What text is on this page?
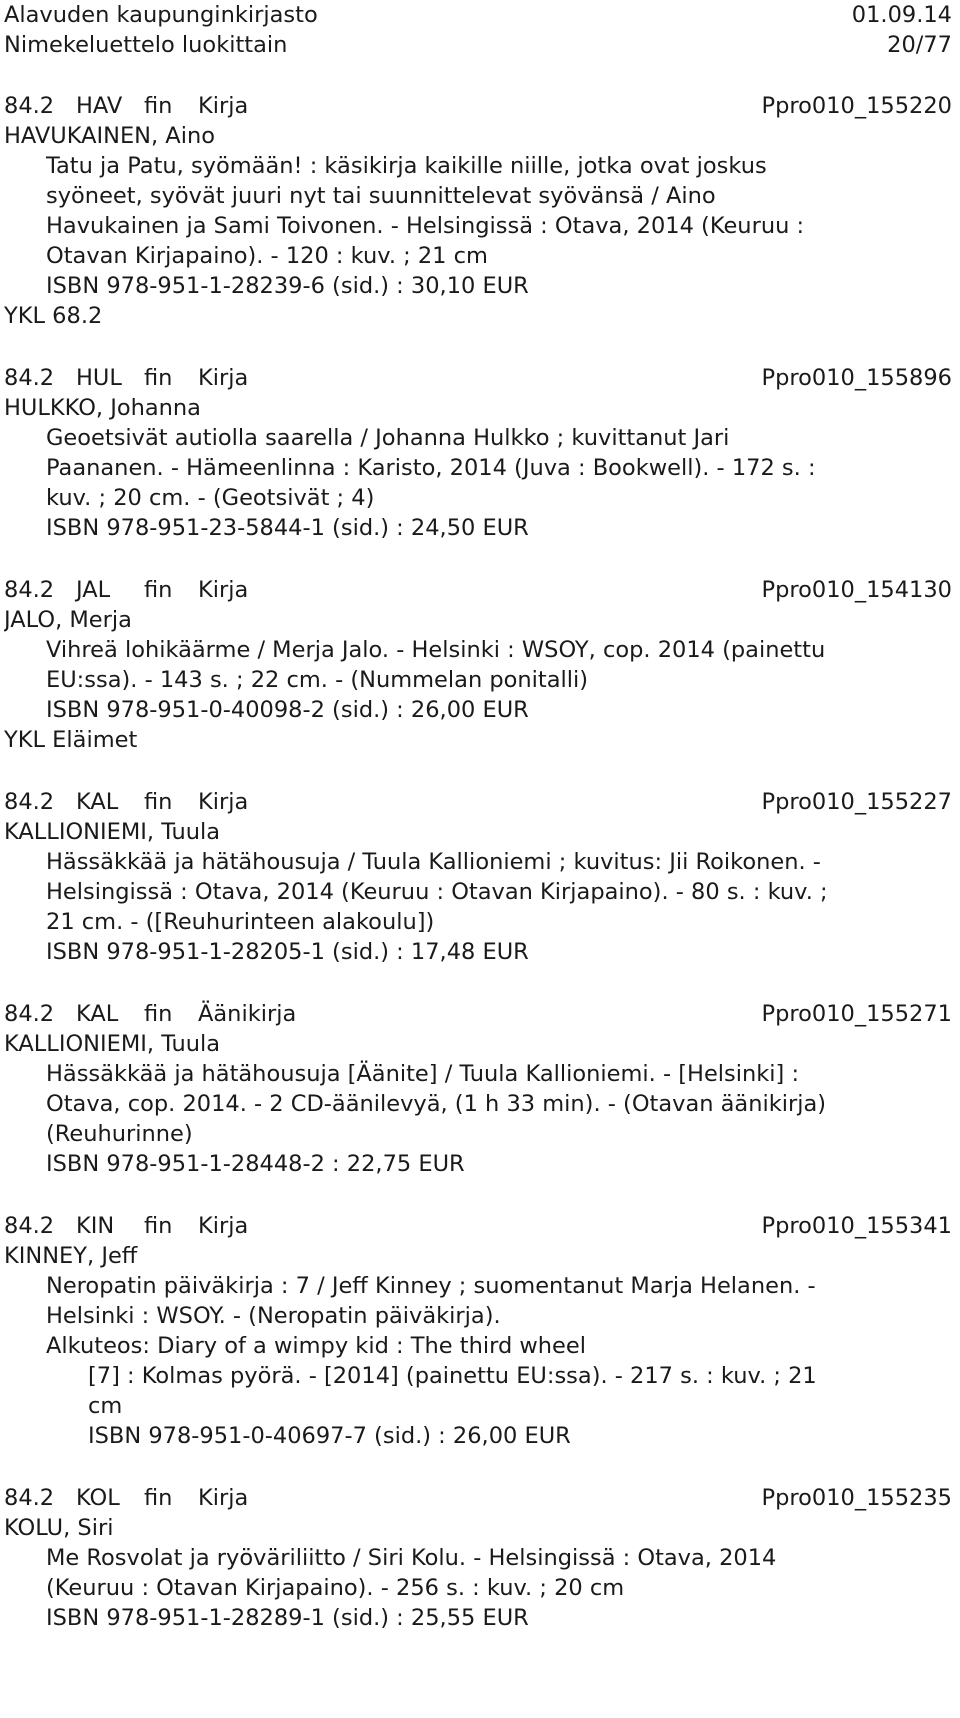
Alavuden kaupunginkirjasto	01.09.14
Nimekeluettelo luokittain	20/77
84.2 HAV fin	Kirja	Ppro010_155220
HAVUKAINEN, Aino
Tatu ja Patu, syömään! : käsikirja kaikille niille, jotka ovat joskus
syöneet, syövät juuri nyt tai suunnittelevat syövänsä / Aino
Havukainen ja Sami Toivonen. - Helsingissä : Otava, 2014 (Keuruu :
Otavan Kirjapaino). - 120 : kuv. ; 21 cm
ISBN 978-951-1-28239-6 (sid.) : 30,10 EUR
YKL 68.2
84.2 HUL fin	Kirja	Ppro010_155896
HULKKO, Johanna
Geoetsivät autiolla saarella / Johanna Hulkko ; kuvittanut Jari
Paananen. - Hämeenlinna : Karisto, 2014 (Juva : Bookwell). - 172 s. :
kuv. ; 20 cm. - (Geotsivät ; 4)
ISBN 978-951-23-5844-1 (sid.) : 24,50 EUR
84.2 JAL	fin	Kirja	Ppro010_154130
JALO, Merja
Vihreä lohikäärme / Merja Jalo. - Helsinki : WSOY, cop. 2014 (painettu
EU:ssa). - 143 s. ; 22 cm. - (Nummelan ponitalli)
ISBN 978-951-0-40098-2 (sid.) : 26,00 EUR
YKL Eläimet
84.2 KAL	fin	Kirja	Ppro010_155227
KALLIONIEMI, Tuula
Hässäkkää ja hätähousuja / Tuula Kallioniemi ; kuvitus: Jii Roikonen. -
Helsingissä : Otava, 2014 (Keuruu : Otavan Kirjapaino). - 80 s. : kuv. ;
21 cm. - ([Reuhurinteen alakoulu])
ISBN 978-951-1-28205-1 (sid.) : 17,48 EUR
84.2 KAL	fin	Äänikirja	Ppro010_155271
KALLIONIEMI, Tuula
Hässäkkää ja hätähousuja [Äänite] / Tuula Kallioniemi. - [Helsinki] :
Otava, cop. 2014. - 2 CD-äänilevyä, (1 h 33 min). - (Otavan äänikirja)
(Reuhurinne)
ISBN 978-951-1-28448-2 : 22,75 EUR
84.2 KIN	fin	Kirja	Ppro010_155341
KINNEY, Jeff
Neropatin päiväkirja : 7 / Jeff Kinney ; suomentanut Marja Helanen. -
Helsinki : WSOY. - (Neropatin päiväkirja).
Alkuteos: Diary of a wimpy kid : The third wheel
[7] : Kolmas pyörä. - [2014] (painettu EU:ssa). - 217 s. : kuv. ; 21
cm
ISBN 978-951-0-40697-7 (sid.) : 26,00 EUR
84.2 KOL	fin	Kirja	Ppro010_155235
KOLU, Siri
Me Rosvolat ja ryöväriliitto / Siri Kolu. - Helsingissä : Otava, 2014
(Keuruu : Otavan Kirjapaino). - 256 s. : kuv. ; 20 cm
ISBN 978-951-1-28289-1 (sid.) : 25,55 EUR
